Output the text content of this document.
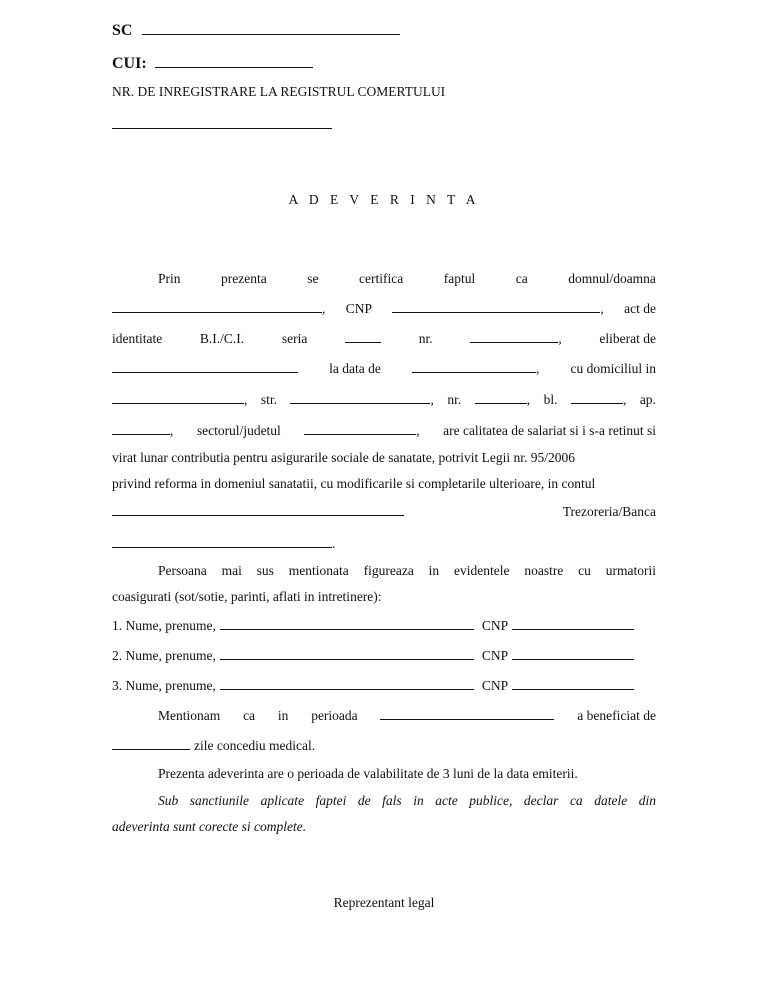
SC
CUI:
NR. DE INREGISTRARE LA REGISTRUL COMERTULUI
A D E V E R I N T A
Prin	prezenta	se	certifica	faptul	ca	domnul/doamna
, CNP	, act de
identitate	B.I./C.I.	seria	nr.	,	eliberat de
la data de	, cu domiciliul in
, str.	, nr.	, bl.	, ap.
, sectorul/judetul	, are calitatea de salariat si i s-a retinut si
virat lunar contributia pentru asigurarile sociale de sanatate, potrivit Legii nr. 95/2006
privind reforma in domeniul sanatatii, cu modificarile si completarile ulterioare, in contul
Trezoreria/Banca
.
Persoana mai sus mentionata figureaza in evidentele noastre cu urmatorii
coasigurati (sot/sotie, parinti, aflati in intretinere):
1. Nume, prenume,	CNP
2. Nume, prenume,	CNP
3. Nume, prenume,	CNP
Mentionam ca in perioada	a beneficiat de
zile concediu medical.
Prezenta adeverinta are o perioada de valabilitate de 3 luni de la data emiterii.
Sub sanctiunile aplicate faptei de fals in acte publice, declar ca datele din
adeverinta sunt corecte si complete.
Reprezentant legal
